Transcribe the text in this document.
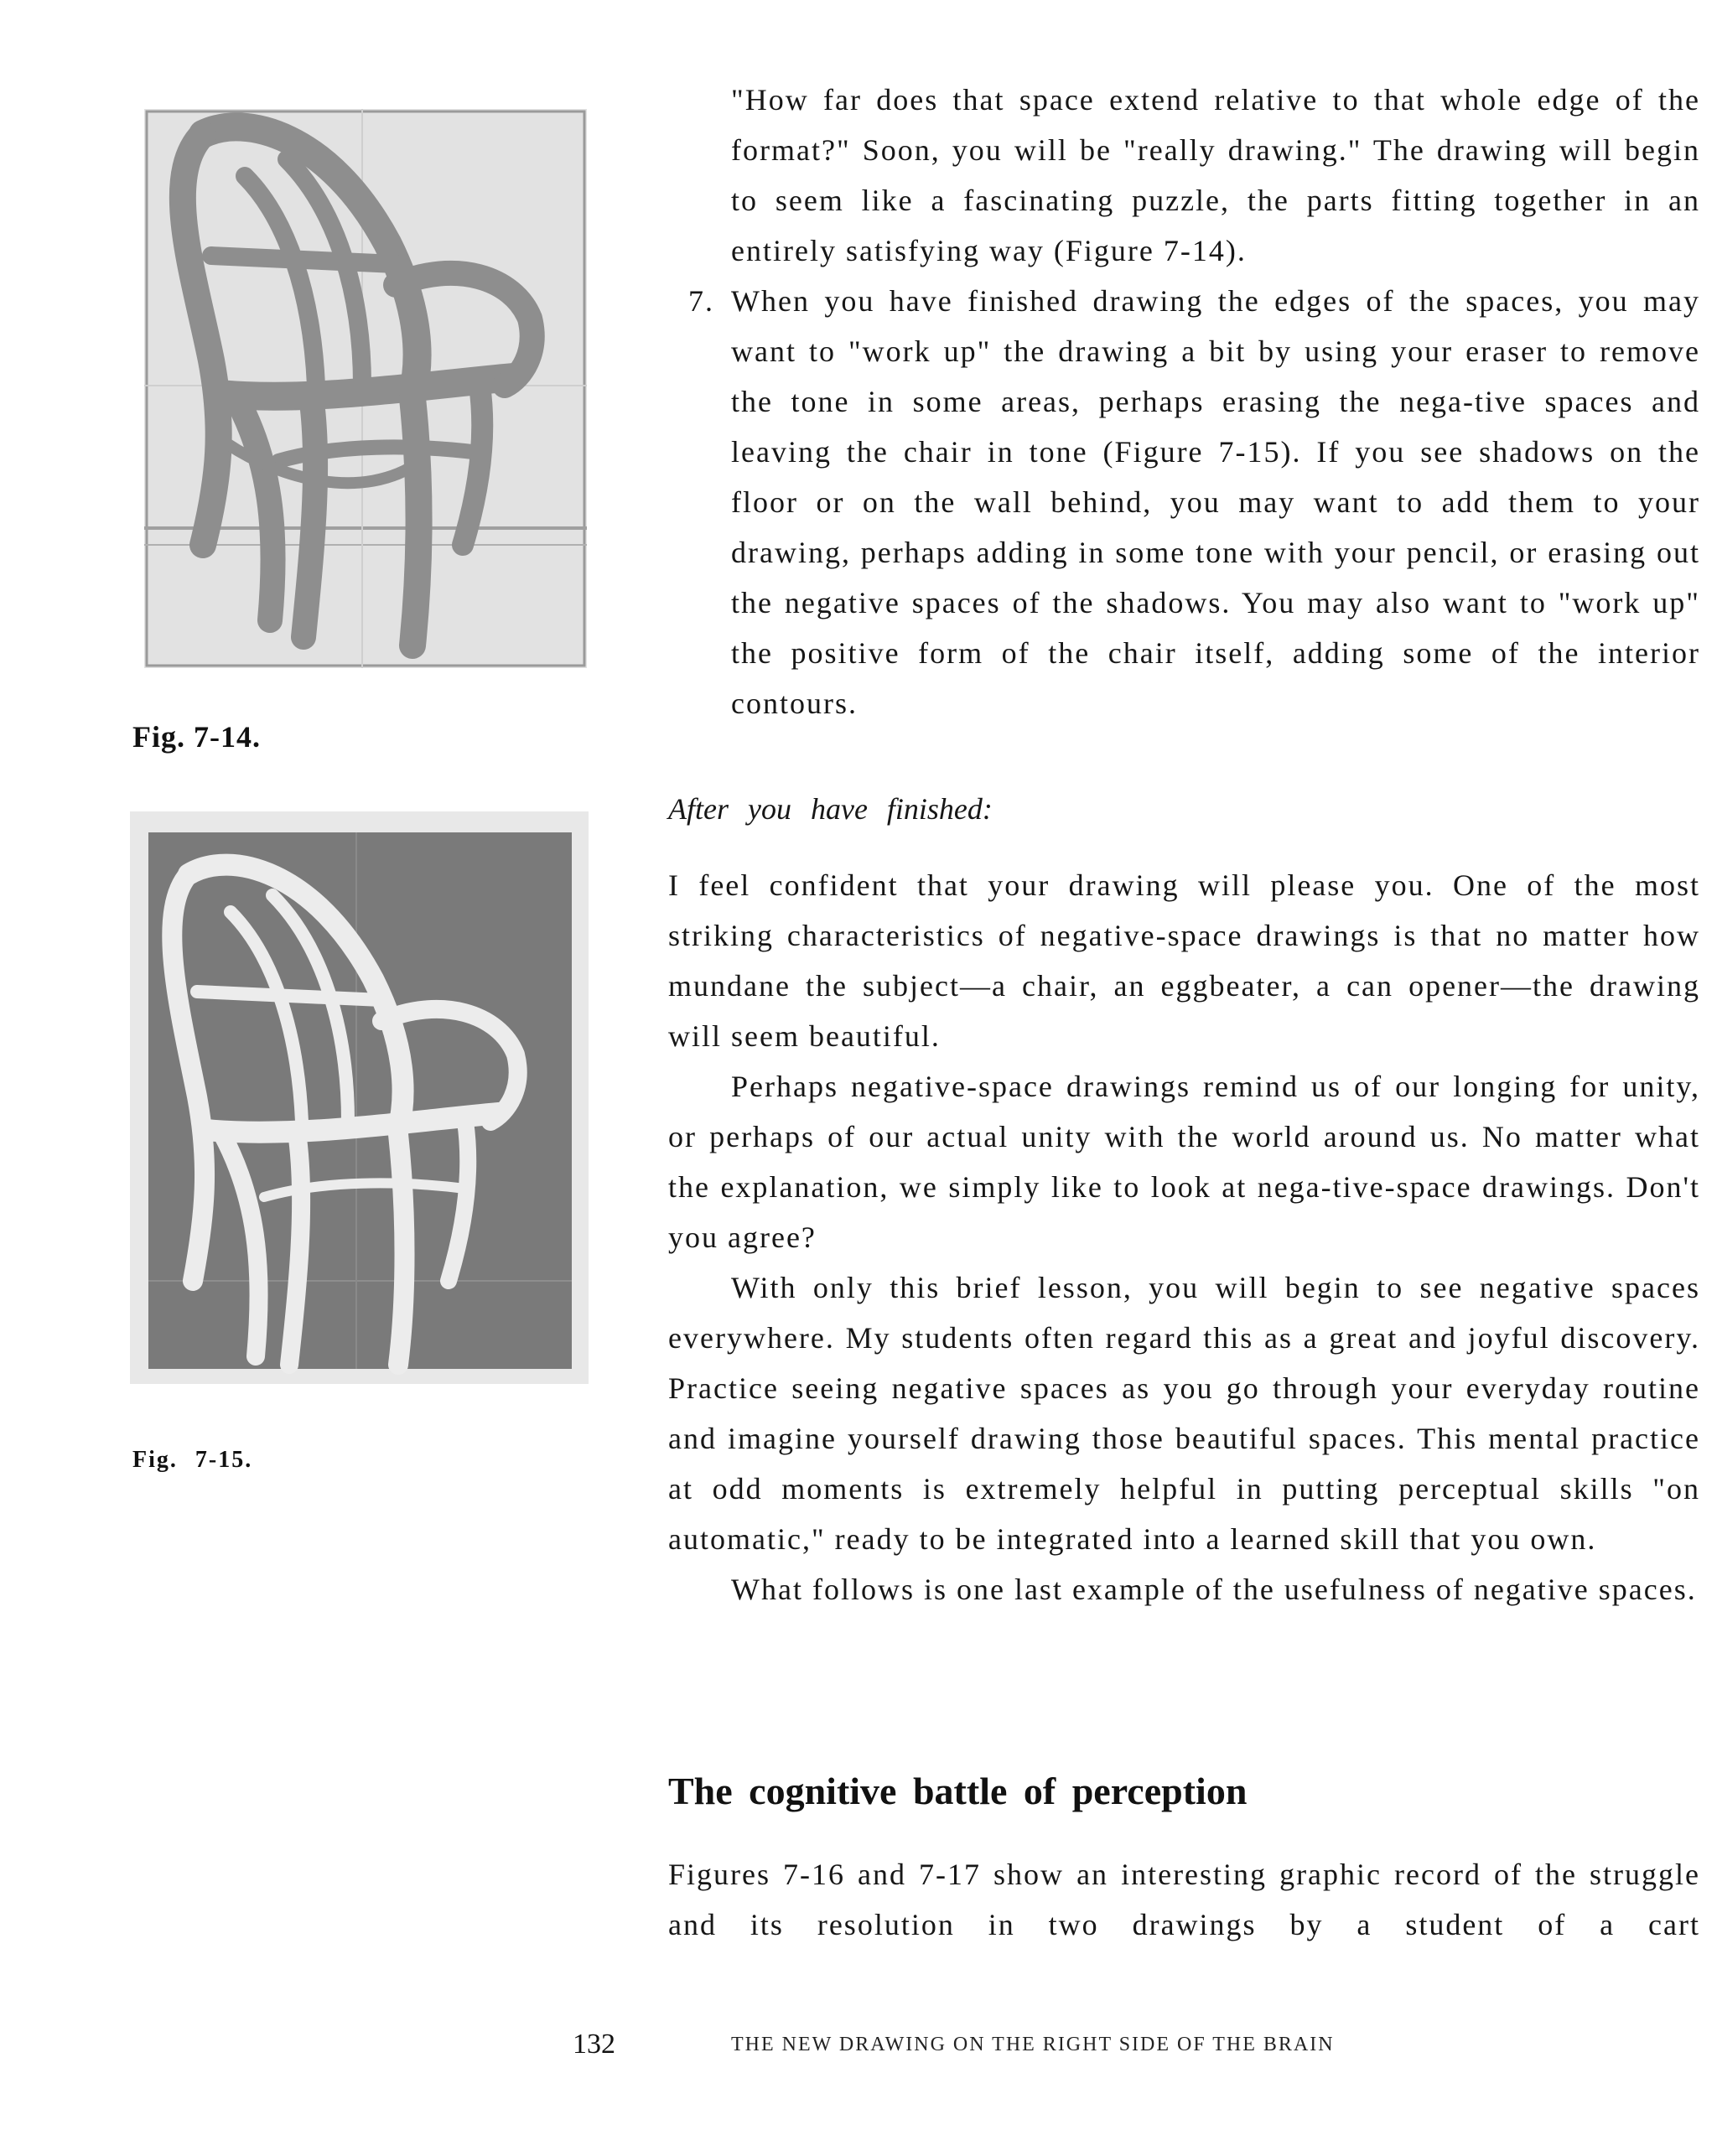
Fig. 7-14.
Fig. 7-15.

"How far does that space extend relative to that whole edge of the format?" Soon, you will be "really drawing." The drawing will begin to seem like a fascinating puzzle, the parts fitting together in an entirely satisfying way (Figure 7-14).

7. When you have finished drawing the edges of the spaces, you may want to "work up" the drawing a bit by using your eraser to remove the tone in some areas, perhaps erasing the nega-tive spaces and leaving the chair in tone (Figure 7-15). If you see shadows on the floor or on the wall behind, you may want to add them to your drawing, perhaps adding in some tone with your pencil, or erasing out the negative spaces of the shadows. You may also want to "work up" the positive form of the chair itself, adding some of the interior contours.

After you have finished:

I feel confident that your drawing will please you. One of the most striking characteristics of negative-space drawings is that no matter how mundane the subject—a chair, an eggbeater, a can opener—the drawing will seem beautiful.

Perhaps negative-space drawings remind us of our longing for unity, or perhaps of our actual unity with the world around us. No matter what the explanation, we simply like to look at nega-tive-space drawings. Don't you agree?

With only this brief lesson, you will begin to see negative spaces everywhere. My students often regard this as a great and joyful discovery. Practice seeing negative spaces as you go through your everyday routine and imagine yourself drawing those beautiful spaces. This mental practice at odd moments is extremely helpful in putting perceptual skills "on automatic," ready to be integrated into a learned skill that you own.

What follows is one last example of the usefulness of negative spaces.

The cognitive battle of perception

Figures 7-16 and 7-17 show an interesting graphic record of the struggle and its resolution in two drawings by a student of a cart

132	THE NEW DRAWING ON THE RIGHT SIDE OF THE BRAIN
